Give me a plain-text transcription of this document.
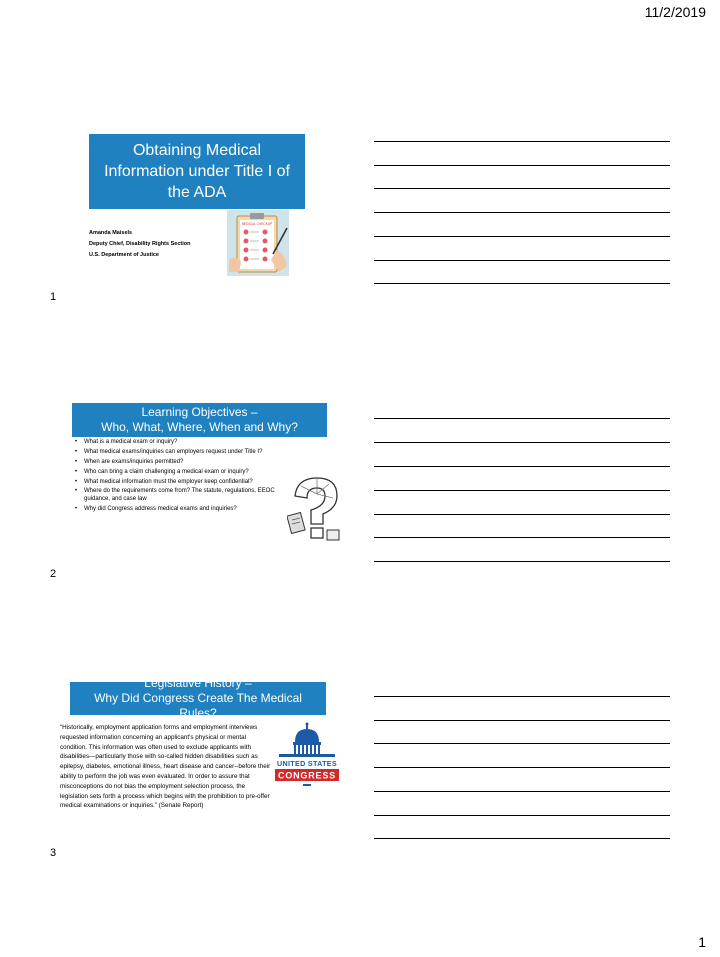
11/2/2019
Obtaining Medical Information under Title I of the ADA
Amanda Maisels
Deputy Chief, Disability Rights Section
U.S. Department of Justice
MEDICAL CHECKUP
1
Learning Objectives –
Who, What, Where, When and Why?
• What is a medical exam or inquiry?
• What medical exams/inquiries can employers request under Title I?
• When are exams/inquiries permitted?
• Who can bring a claim challenging a medical exam or inquiry?
• What medical information must the employer keep confidential?
• Where do the requirements come from? The statute, regulations, EEOC guidance, and case law
• Why did Congress address medical exams and inquiries?
2
Legislative History –
Why Did Congress Create The Medical Rules?
“Historically, employment application forms and employment interviews requested information concerning an applicant's physical or mental condition. This information was often used to exclude applicants with disabilities—particularly those with so-called hidden disabilities such as epilepsy, diabetes, emotional illness, heart disease and cancer--before their ability to perform the job was even evaluated. In order to assure that misconceptions do not bias the employment selection process, the legislation sets forth a process which begins with the prohibition to pre-offer medical examinations or inquiries.” (Senate Report)
UNITED STATES
CONGRESS
3
1
